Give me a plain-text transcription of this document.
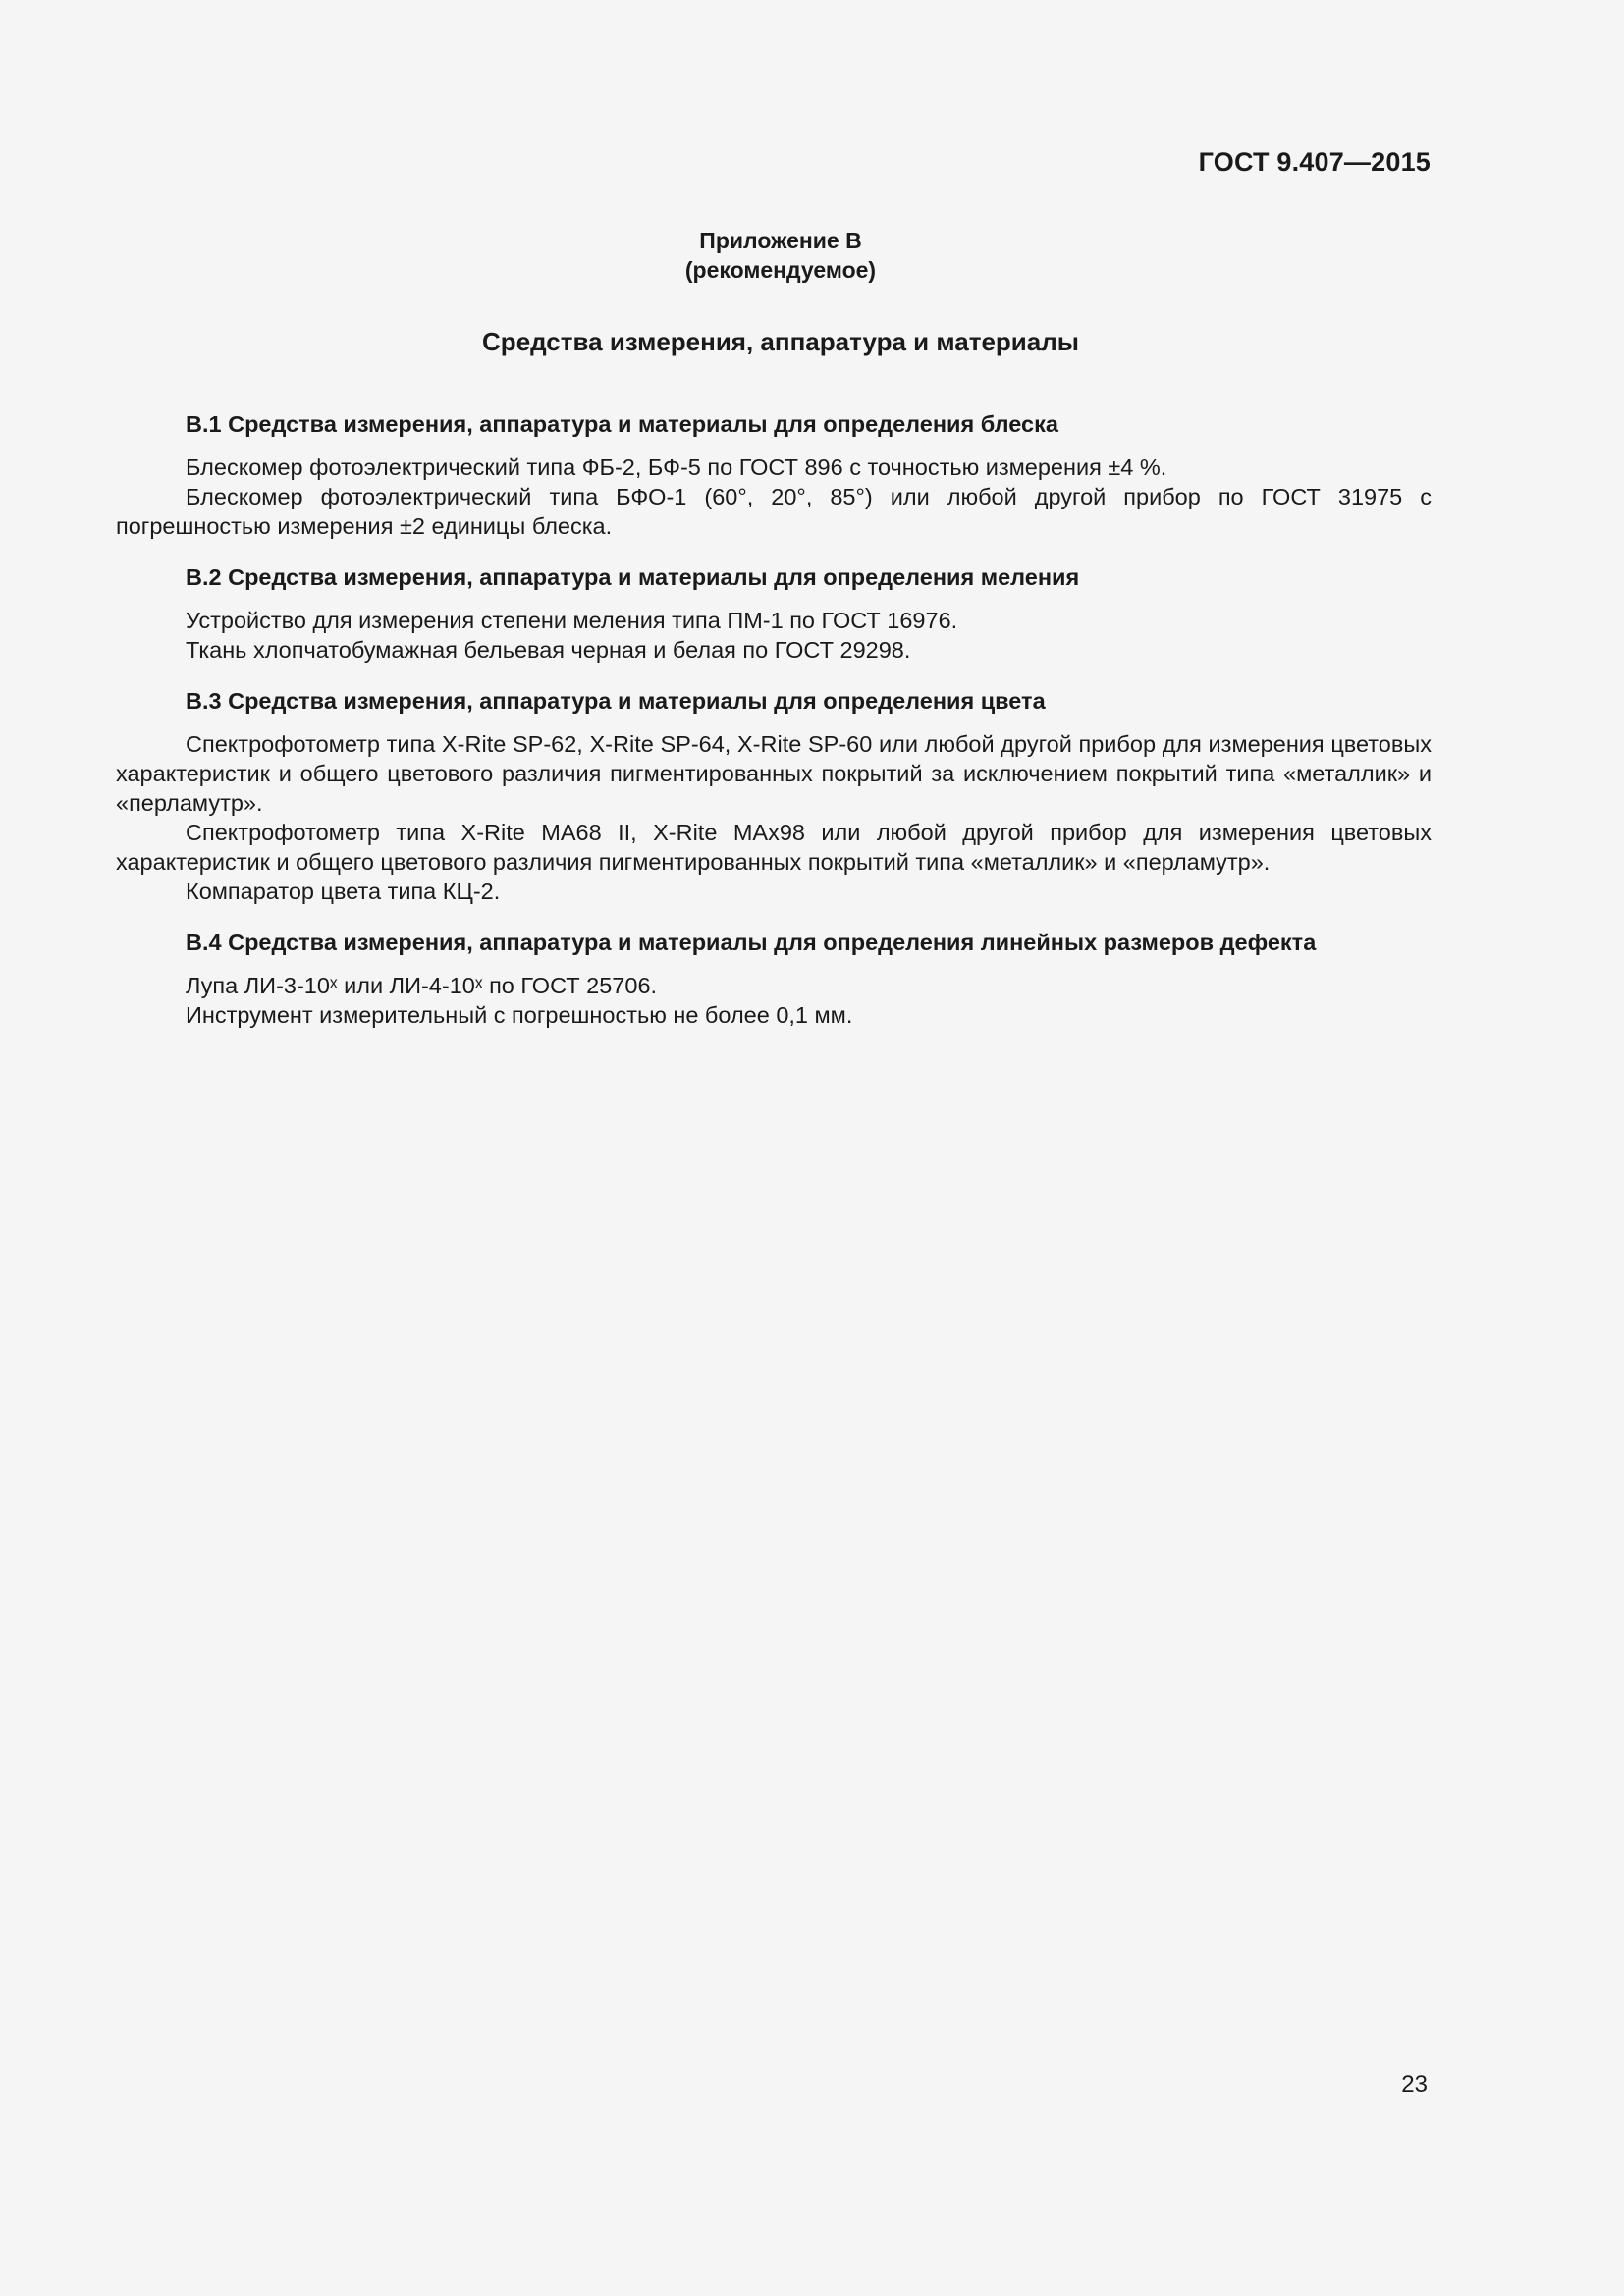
ГОСТ 9.407—2015
Приложение В
(рекомендуемое)
Средства измерения, аппаратура и материалы

В.1 Средства измерения, аппаратура и материалы для определения блеска

Блескомер фотоэлектрический типа ФБ-2, БФ-5 по ГОСТ 896 с точностью измерения ±4 %.

Блескомер фотоэлектрический типа БФО-1 (60°, 20°, 85°) или любой другой прибор по ГОСТ 31975 с погрешностью измерения ±2 единицы блеска.

В.2 Средства измерения, аппаратура и материалы для определения меления

Устройство для измерения степени меления типа ПМ-1 по ГОСТ 16976.

Ткань хлопчатобумажная бельевая черная и белая по ГОСТ 29298.

В.3 Средства измерения, аппаратура и материалы для определения цвета

Спектрофотометр типа X-Rite SP-62, X-Rite SP-64, X-Rite SP-60 или любой другой прибор для измерения цветовых характеристик и общего цветового различия пигментированных покрытий за исключением покрытий типа «металлик» и «перламутр».

Спектрофотометр типа X-Rite MA68 II, X-Rite MAx98 или любой другой прибор для измерения цветовых характеристик и общего цветового различия пигментированных покрытий типа «металлик» и «перламутр».

Компаратор цвета типа КЦ-2.

В.4 Средства измерения, аппаратура и материалы для определения линейных размеров дефекта

Лупа ЛИ-3-10ˣ или ЛИ-4-10ˣ по ГОСТ 25706.

Инструмент измерительный с погрешностью не более 0,1 мм.

23
